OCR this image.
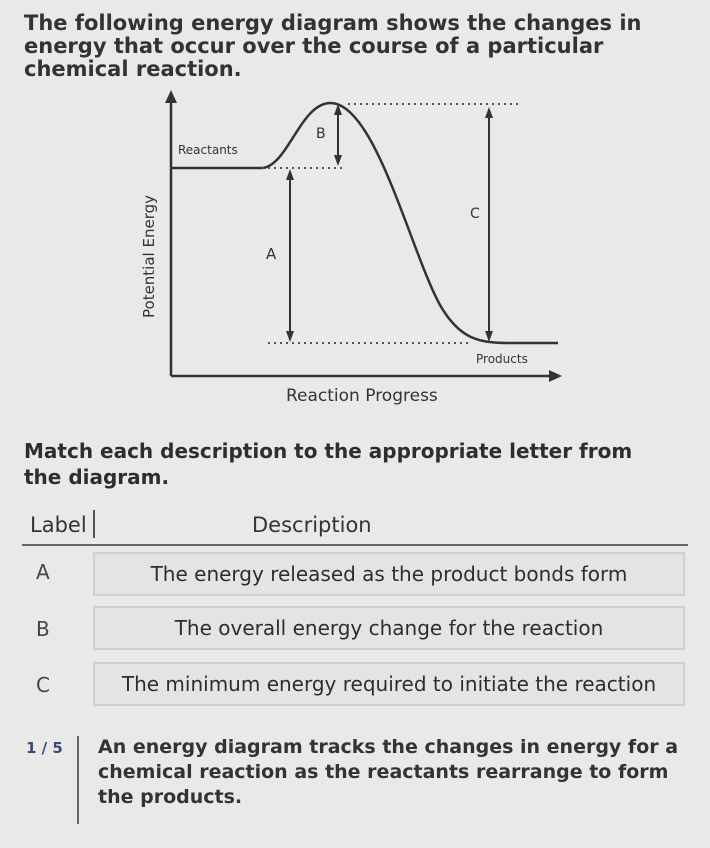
The following energy diagram shows the changes in energy that occur over the course of a particular chemical reaction.

Reactants
Products
A
B
C
Reaction Progress
Potential Energy

Match each description to the appropriate letter from the diagram.

Label	Description
A	The energy released as the product bonds form
B	The overall energy change for the reaction
C	The minimum energy required to initiate the reaction
1 / 5 An energy diagram tracks the changes in energy for a chemical reaction as the reactants rearrange to form the products.
